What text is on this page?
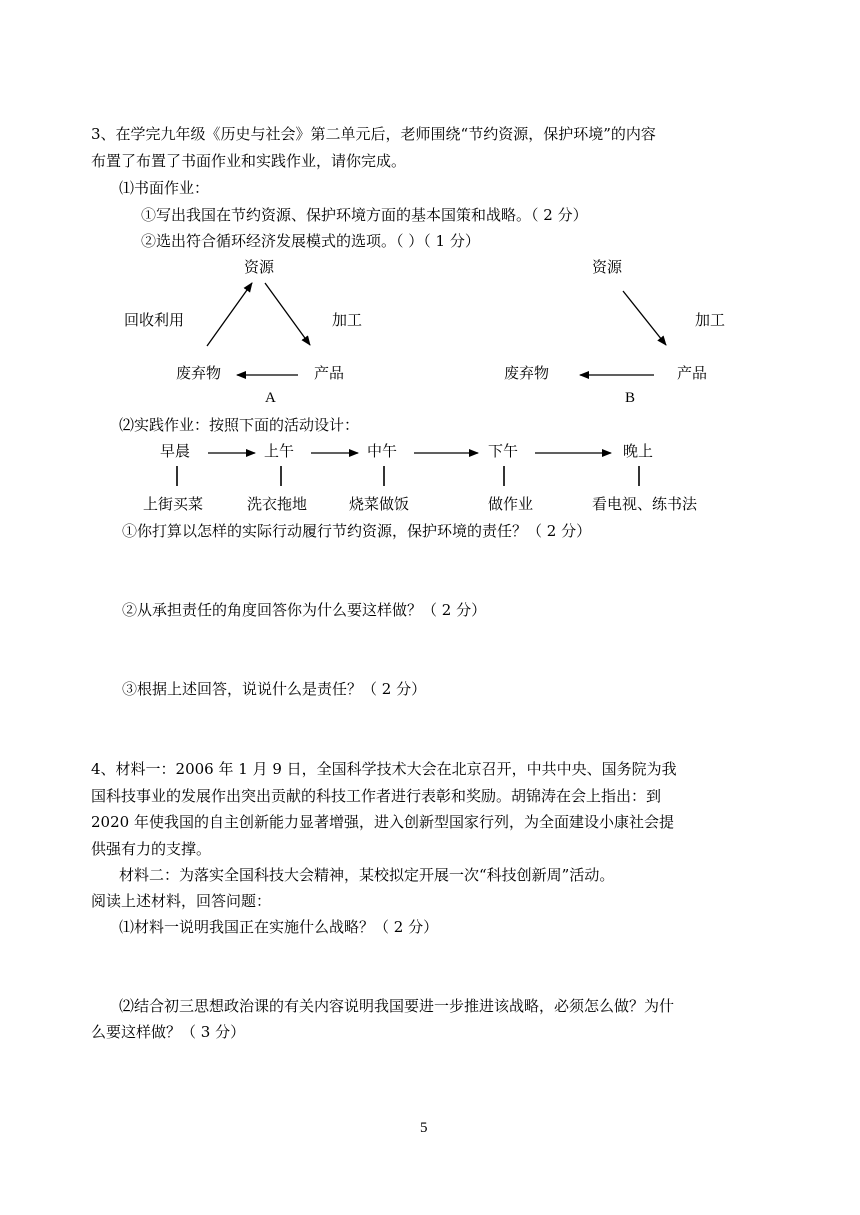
3、在学完九年级《历史与社会》第二单元后，老师围绕“节约资源，保护环境”的内容
布置了布置了书面作业和实践作业，请你完成。
⑴书面作业：
①写出我国在节约资源、保护环境方面的基本国策和战略。（ 2 分）
②选出符合循环经济发展模式的选项。（ ）（ 1 分）
资源
回收利用	加工
废弃物	产品
A
资源
加工
废弃物	产品
B
⑵实践作业：按照下面的活动设计：
早晨	上午	中午	下午	晚上
上街买菜	洗衣拖地	烧菜做饭	做作业	看电视、练书法
①你打算以怎样的实际行动履行节约资源，保护环境的责任？（ 2 分）
②从承担责任的角度回答你为什么要这样做？（ 2 分）
③根据上述回答，说说什么是责任？（ 2 分）
4、材料一：2006 年 1 月 9 日，全国科学技术大会在北京召开，中共中央、国务院为我
国科技事业的发展作出突出贡献的科技工作者进行表彰和奖励。胡锦涛在会上指出：到
2020 年使我国的自主创新能力显著增强，进入创新型国家行列，为全面建设小康社会提
供强有力的支撑。
材料二：为落实全国科技大会精神，某校拟定开展一次“科技创新周”活动。
阅读上述材料，回答问题：
⑴材料一说明我国正在实施什么战略？（ 2 分）
⑵结合初三思想政治课的有关内容说明我国要进一步推进该战略，必须怎么做？为什
么要这样做？（ 3 分）
5
